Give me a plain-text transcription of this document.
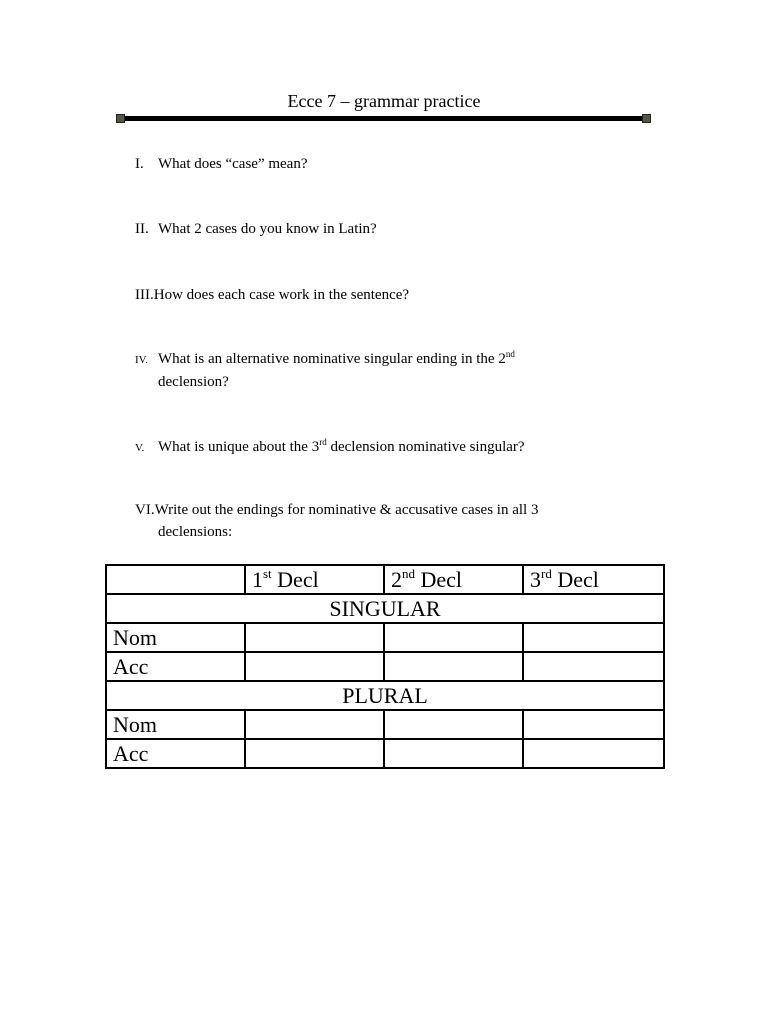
Ecce 7 – grammar practice
I. What does “case” mean?
II. What 2 cases do you know in Latin?
III.How does each case work in the sentence?
IV. What is an alternative nominative singular ending in the 2nd
declension?
V. What is unique about the 3rd declension nominative singular?
VI.Write out the endings for nominative & accusative cases in all 3
declensions:
	1st Decl	2nd Decl	3rd Decl
SINGULAR			
Nom			
Acc			
PLURAL			
Nom			
Acc			
